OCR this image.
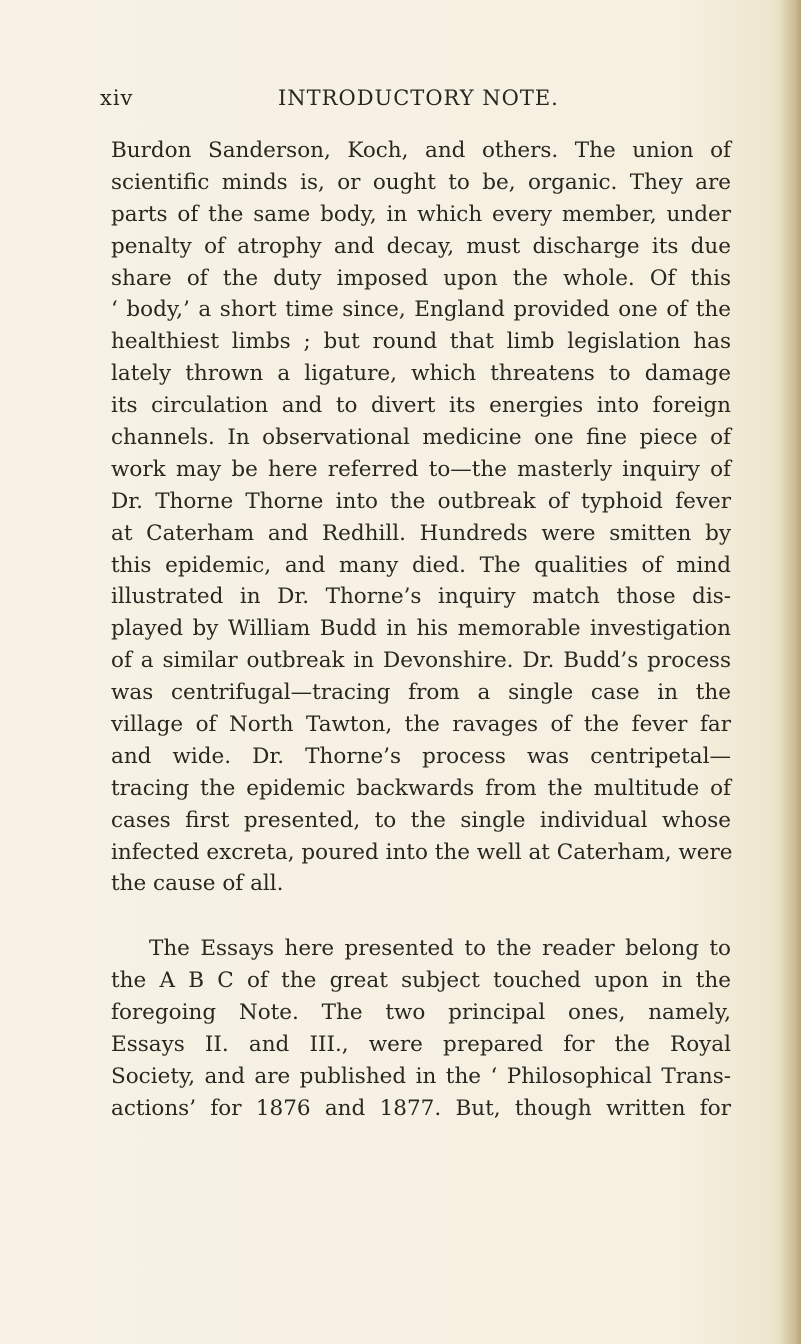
xiv	INTRODUCTORY NOTE.
Burdon Sanderson, Koch, and others. The union of
scientific minds is, or ought to be, organic. They are
parts of the same body, in which every member, under
penalty of atrophy and decay, must discharge its due
share of the duty imposed upon the whole. Of this
‘ body,’ a short time since, England provided one of the
healthiest limbs ; but round that limb legislation has
lately thrown a ligature, which threatens to damage
its circulation and to divert its energies into foreign
channels. In observational medicine one fine piece of
work may be here referred to—the masterly inquiry of
Dr. Thorne Thorne into the outbreak of typhoid fever
at Caterham and Redhill. Hundreds were smitten by
this epidemic, and many died. The qualities of mind
illustrated in Dr. Thorne’s inquiry match those dis-
played by William Budd in his memorable investigation
of a similar outbreak in Devonshire. Dr. Budd’s process
was centrifugal—tracing from a single case in the
village of North Tawton, the ravages of the fever far
and wide. Dr. Thorne’s process was centripetal—
tracing the epidemic backwards from the multitude of
cases first presented, to the single individual whose
infected excreta, poured into the well at Caterham, were
the cause of all.
The Essays here presented to the reader belong to
the A B C of the great subject touched upon in the
foregoing Note. The two principal ones, namely,
Essays II. and III., were prepared for the Royal
Society, and are published in the ‘ Philosophical Trans-
actions’ for 1876 and 1877. But, though written for
